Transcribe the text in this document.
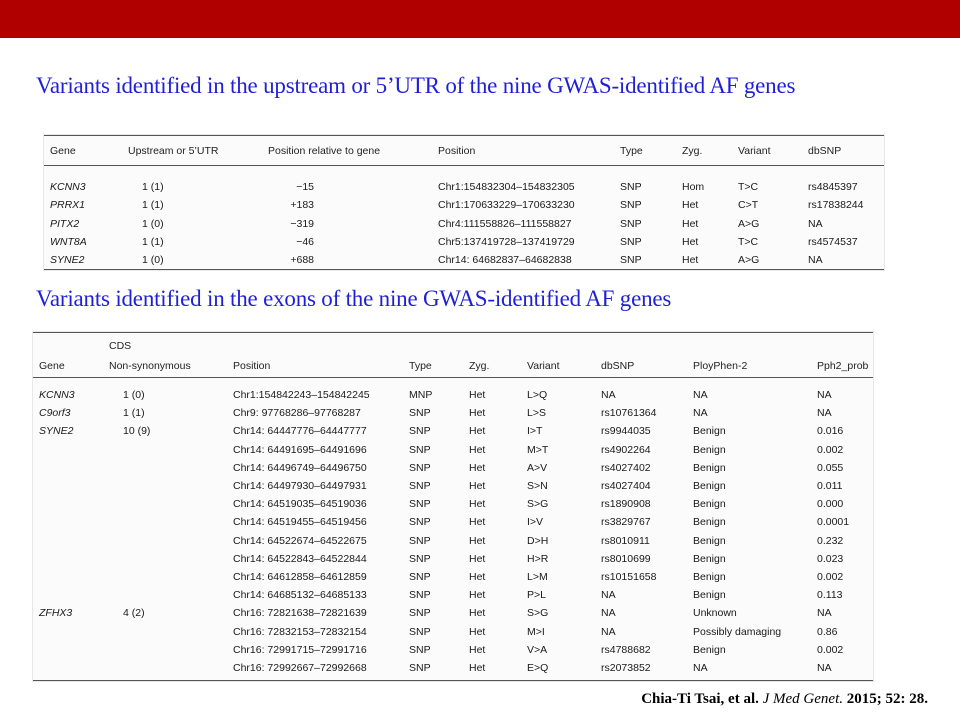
Variants identified in the upstream or 5’UTR of the nine GWAS-identified AF genes
Gene	Upstream or 5’UTR	Position relative to gene	Position	Type	Zyg.	Variant	dbSNP
KCNN3	1 (1)	−15	Chr1:154832304–154832305	SNP	Hom	T>C	rs4845397
PRRX1	1 (1)	+183	Chr1:170633229–170633230	SNP	Het	C>T	rs17838244
PITX2	1 (0)	−319	Chr4:111558826–111558827	SNP	Het	A>G	NA
WNT8A	1 (1)	−46	Chr5:137419728–137419729	SNP	Het	T>C	rs4574537
SYNE2	1 (0)	+688	Chr14: 64682837–64682838	SNP	Het	A>G	NA
Variants identified in the exons of the nine GWAS-identified AF genes
	CDS							
Gene	Non-synonymous	Position	Type	Zyg.	Variant	dbSNP	PloyPhen-2	Pph2_prob
KCNN3	1 (0)	Chr1:154842243–154842245	MNP	Het	L>Q	NA	NA	NA
C9orf3	1 (1)	Chr9: 97768286–97768287	SNP	Het	L>S	rs10761364	NA	NA
SYNE2	10 (9)	Chr14: 64447776–64447777	SNP	Het	I>T	rs9944035	Benign	0.016
		Chr14: 64491695–64491696	SNP	Het	M>T	rs4902264	Benign	0.002
		Chr14: 64496749–64496750	SNP	Het	A>V	rs4027402	Benign	0.055
		Chr14: 64497930–64497931	SNP	Het	S>N	rs4027404	Benign	0.011
		Chr14: 64519035–64519036	SNP	Het	S>G	rs1890908	Benign	0.000
		Chr14: 64519455–64519456	SNP	Het	I>V	rs3829767	Benign	0.0001
		Chr14: 64522674–64522675	SNP	Het	D>H	rs8010911	Benign	0.232
		Chr14: 64522843–64522844	SNP	Het	H>R	rs8010699	Benign	0.023
		Chr14: 64612858–64612859	SNP	Het	L>M	rs10151658	Benign	0.002
		Chr14: 64685132–64685133	SNP	Het	P>L	NA	Benign	0.113
ZFHX3	4 (2)	Chr16: 72821638–72821639	SNP	Het	S>G	NA	Unknown	NA
		Chr16: 72832153–72832154	SNP	Het	M>I	NA	Possibly damaging	0.86
		Chr16: 72991715–72991716	SNP	Het	V>A	rs4788682	Benign	0.002
		Chr16: 72992667–72992668	SNP	Het	E>Q	rs2073852	NA	NA
Chia-Ti Tsai, et al. J Med Genet. 2015; 52: 28.
